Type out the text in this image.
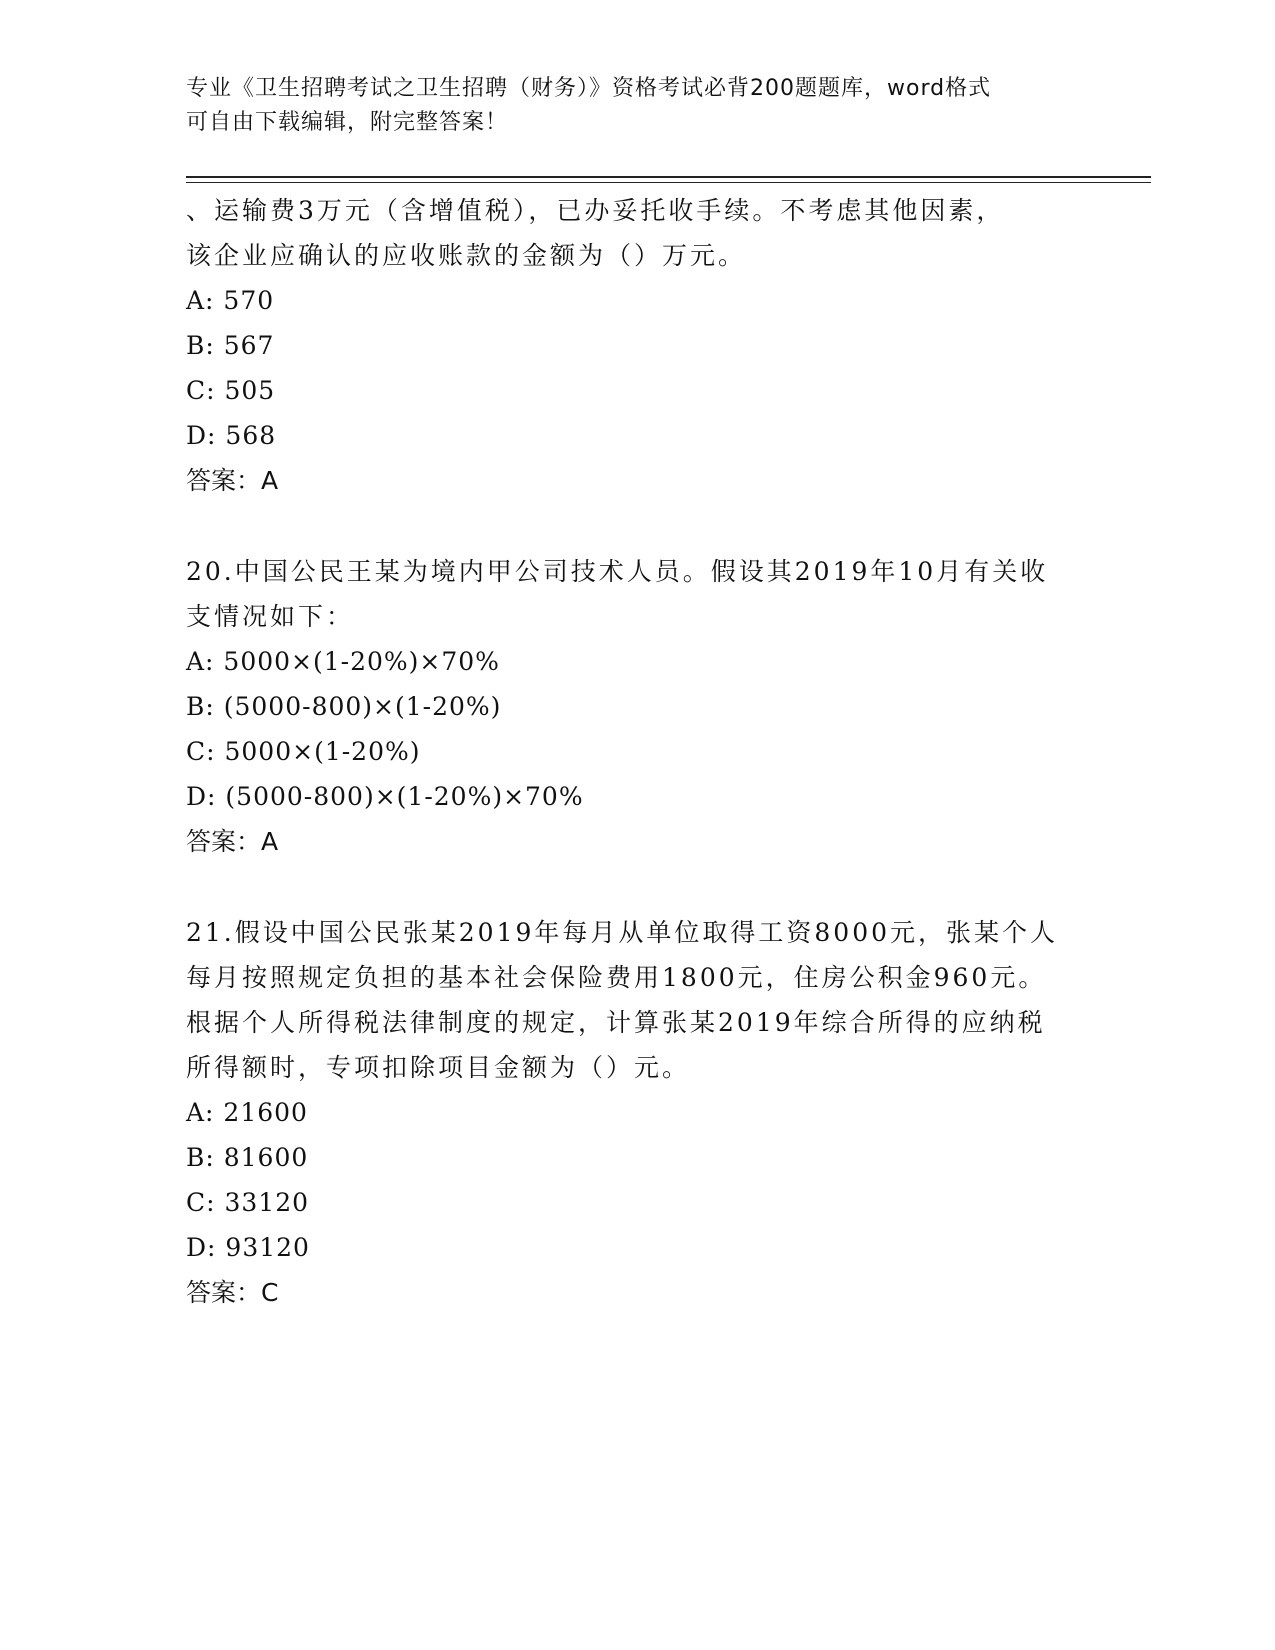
专业《卫生招聘考试之卫生招聘（财务）》资格考试必背200题题库，word格式
可自由下载编辑，附完整答案！
、运输费3万元（含增值税），已办妥托收手续。不考虑其他因素，
该企业应确认的应收账款的金额为（）万元。
A: 570
B: 567
C: 505
D: 568
答案：A
20.中国公民王某为境内甲公司技术人员。假设其2019年10月有关收
支情况如下：
A: 5000×(1-20%)×70%
B: (5000-800)×(1-20%)
C: 5000×(1-20%)
D: (5000-800)×(1-20%)×70%
答案：A
21.假设中国公民张某2019年每月从单位取得工资8000元，张某个人
每月按照规定负担的基本社会保险费用1800元，住房公积金960元。
根据个人所得税法律制度的规定，计算张某2019年综合所得的应纳税
所得额时，专项扣除项目金额为（）元。
A: 21600
B: 81600
C: 33120
D: 93120
答案：C
